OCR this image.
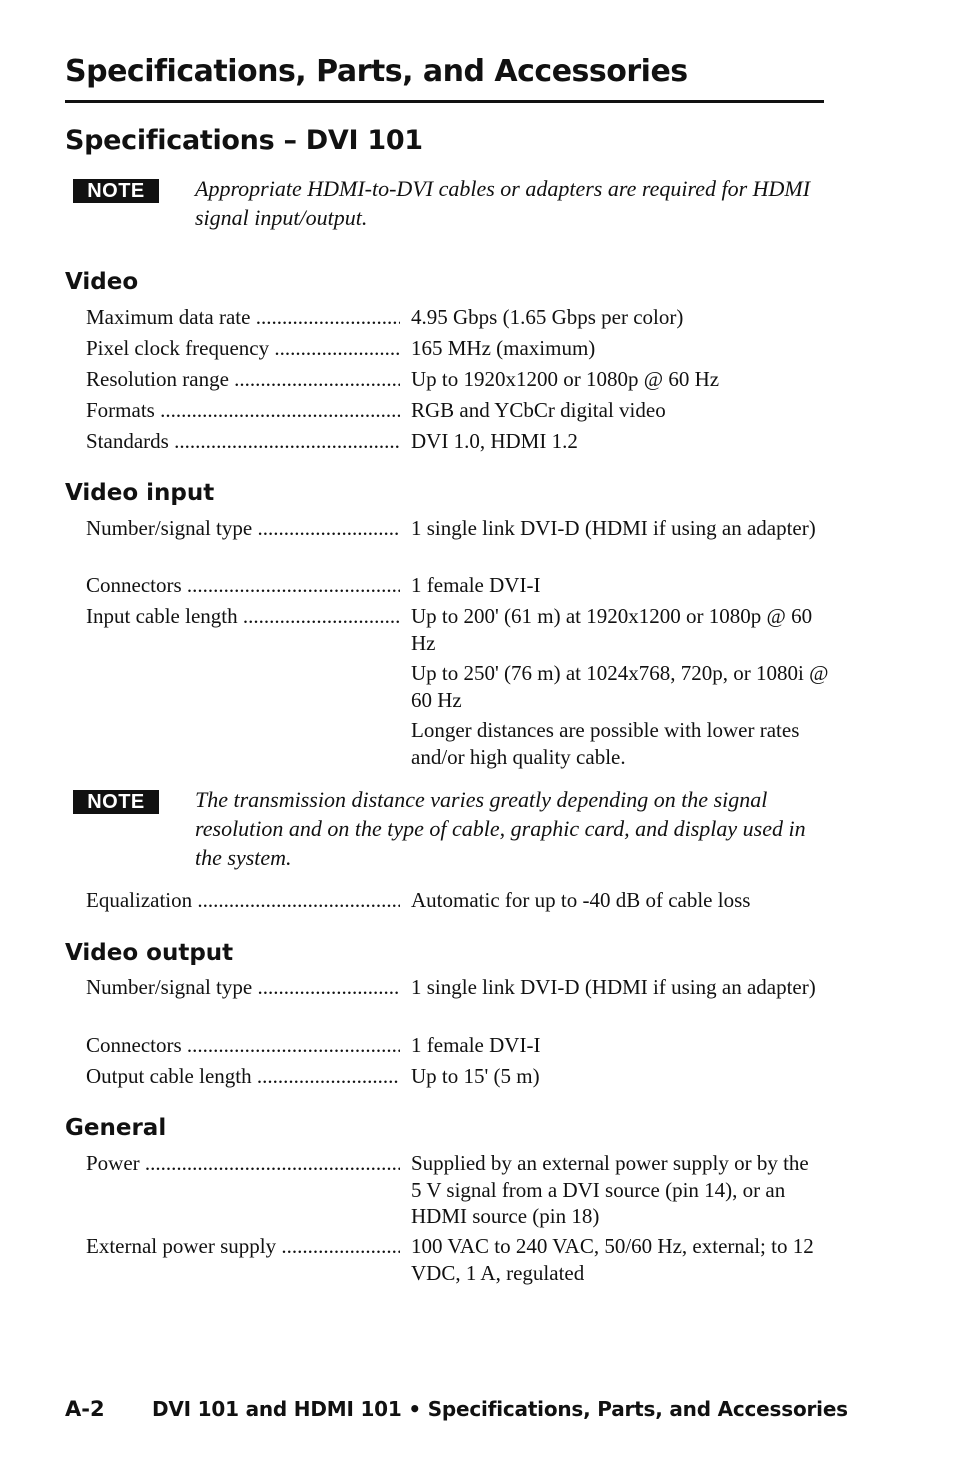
Specifications, Parts, and Accessories
Specifications – DVI 101
NOTE	Appropriate HDMI-to-DVI cables or adapters are required for HDMI signal input/output.
Video
Maximum data rate .....	4.95 Gbps (1.65 Gbps per color)
Pixel clock frequency .....	165 MHz (maximum)
Resolution range .....	Up to 1920x1200 or 1080p @ 60 Hz
Formats .....	RGB and YCbCr digital video
Standards .....	DVI 1.0, HDMI 1.2
Video input
Number/signal type .....	1 single link DVI-D (HDMI if using an adapter)
Connectors .....	1 female DVI-I
Input cable length .....	Up to 200' (61 m) at 1920x1200 or 1080p @ 60 Hz
Up to 250' (76 m) at 1024x768, 720p, or 1080i @ 60 Hz
Longer distances are possible with lower rates and/or high quality cable.
NOTE	The transmission distance varies greatly depending on the signal resolution and on the type of cable, graphic card, and display used in the system.
Equalization .....	Automatic for up to -40 dB of cable loss
Video output
Number/signal type .....	1 single link DVI-D (HDMI if using an adapter)
Connectors .....	1 female DVI-I
Output cable length .....	Up to 15' (5 m)
General
Power .....	Supplied by an external power supply or by the 5 V signal from a DVI source (pin 14), or an HDMI source (pin 18)
External power supply .....	100 VAC to 240 VAC, 50/60 Hz, external; to 12 VDC, 1 A, regulated
A-2 DVI 101 and HDMI 101 • Specifications, Parts, and Accessories
